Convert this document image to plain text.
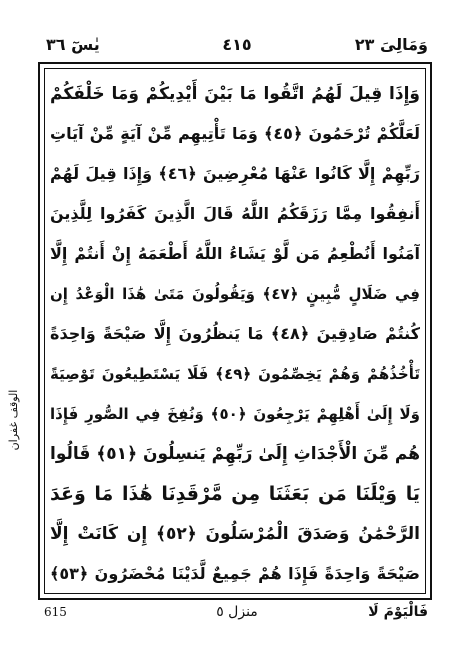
يٰسٓ ٣٦	٤١٥	وَمَالِیَ ٢٣
الوقف غفران
وَإِذَا قِيلَ لَهُمُ اتَّقُوا مَا بَيْنَ أَيْدِيكُمْ وَمَا خَلْفَكُمْ
لَعَلَّكُمْ تُرْحَمُونَ ﴿٤٥﴾ وَمَا تَأْتِيهِم مِّنْ آيَةٍ مِّنْ آيَاتِ
رَبِّهِمْ إِلَّا كَانُوا عَنْهَا مُعْرِضِينَ ﴿٤٦﴾ وَإِذَا قِيلَ لَهُمْ
أَنفِقُوا مِمَّا رَزَقَكُمُ اللَّهُ قَالَ الَّذِينَ كَفَرُوا لِلَّذِينَ
آمَنُوا أَنُطْعِمُ مَن لَّوْ يَشَاءُ اللَّهُ أَطْعَمَهُ إِنْ أَنتُمْ إِلَّا
فِي ضَلَالٍ مُّبِينٍ ﴿٤٧﴾ وَيَقُولُونَ مَتَىٰ هَٰذَا الْوَعْدُ إِن
كُنتُمْ صَادِقِينَ ﴿٤٨﴾ مَا يَنظُرُونَ إِلَّا صَيْحَةً وَاحِدَةً
تَأْخُذُهُمْ وَهُمْ يَخِصِّمُونَ ﴿٤٩﴾ فَلَا يَسْتَطِيعُونَ تَوْصِيَةً
وَلَا إِلَىٰ أَهْلِهِمْ يَرْجِعُونَ ﴿٥٠﴾ وَنُفِخَ فِي الصُّورِ فَإِذَا
هُم مِّنَ الْأَجْدَاثِ إِلَىٰ رَبِّهِمْ يَنسِلُونَ ﴿٥١﴾ قَالُوا
يَا وَيْلَنَا مَن بَعَثَنَا مِن مَّرْقَدِنَا هَٰذَا مَا وَعَدَ
الرَّحْمَٰنُ وَصَدَقَ الْمُرْسَلُونَ ﴿٥٢﴾ إِن كَانَتْ إِلَّا
صَيْحَةً وَاحِدَةً فَإِذَا هُمْ جَمِيعٌ لَّدَيْنَا مُحْضَرُونَ ﴿٥٣﴾
615	منزل ٥	فَالْيَوْمَ لَا
